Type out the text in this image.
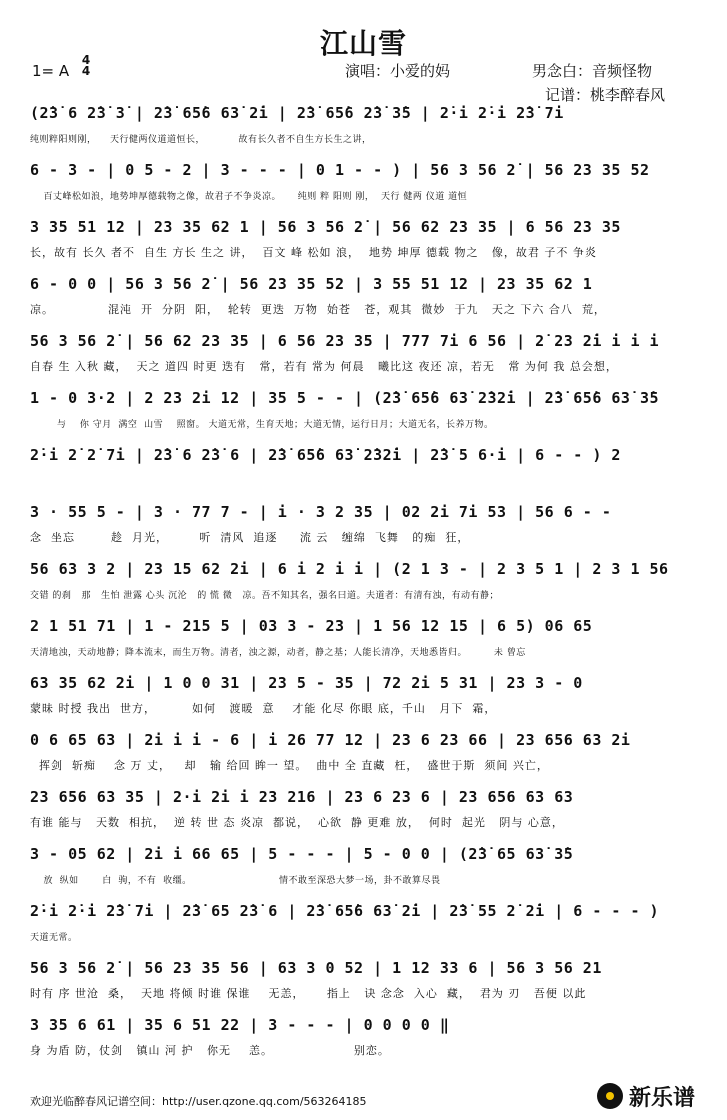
江山雪
1= A
4
4	演唱：小爱的妈	男念白：音频怪物
记谱：桃李醉春风
(2̇3̇ 6 2̇3̇ 3̇ | 2̇3̇ 65̇6 63̇ 2̇i | 2̇3̇ 65̇6 2̇3̇ 3̇5 | 2̇·i 2̇·i 2̇3̇ 7i
纯则粹阳则刚，    天行健两仪道道恒长，          故有长久者不自生方长生之讲，
6 - 3 - | 0 5 - 2 | 3 - - - | 0 1 - - ) | 56 3 56 2̇ | 56 23 35 52
百丈峰松如浪，地势坤厚德载物之像，故君子不争炎凉。     纯则 粹 阳则 刚，  天行 健两 仪道 道恒
3 35 51 12 | 23 35 62 1 | 56 3 56 2̇ | 56 62 23 35 | 6 56 23 35
长，故有 长久 者不  自生 方长 生之 讲，  百文 峰 松如 浪，  地势 坤厚 德载 物之   像，故君 子不 争炎
6 - 0 0 | 56 3 56 2̇ | 56 23 35 52 | 3 55 51 12 | 23 35 62 1
凉。            混沌  开  分阴  阳，  轮转  更迭  万物  始苍   苍，观其  微妙  于九   天之 下六 合八  荒，
56 3 56 2̇ | 56 62 23 35 | 6 56 23 35 | 777 7i 6 56 | 2̇ 23 2̇i i i i
自春 生 入秋 藏，  天之 道四 时更 迭有   常，若有 常为 何晨   曦比这 夜还 凉，若无   常 为何 我 总会想，
1 - 0 3·2 | 2 23 2i 12 | 35 5 - - | (2̇3̇ 65̇6 63̇ 2̇32̇i | 2̇3̇ 65̇6 63̇ 3̇5
与    你 守月  满空  山雪    照窗。 大道无常，生育天地；大道无情，运行日月；大道无名，长养万物。
2̇·i 2̇ 2̇ 7i | 2̇3̇ 6 2̇3̇ 6 | 2̇3̇ 65̇6 63̇ 2̇32̇i | 2̇3̇ 5 6·i | 6 - - ) 2
3 · 55 5 - | 3 · 77 7 - | i · 3 2 35 | 02 2i 7i 53 | 56 6 - -
念  坐忘        趁  月光，       听  清风  追逐     流 云   缠绵  飞舞   的痴  狂，
56 63 3 2 | 23 15 62 2i | 6 i 2 i i | (2 1 3 - | 2 3 5 1 | 2 3 1 56
交错 的刹   那   生怕 泄露 心头 沉沦   的 慌 微   凉。吾不知其名，强名曰道。夫道者：有清有浊，有动有静；
2 1 51 71 | 1 - 215 5 | 03 3 - 23 | 1 56 12 15 | 6 5) 06 65
天清地浊，天动地静；降本流末，而生万物。清者，浊之源，动者，静之基；人能长清净，天地悉皆归。        未 曾忘
63 35 62 2i | 1 0 0 31 | 23 5 - 35 | 72 2i 5 31 | 23 3 - 0
蒙昧 时授 我出  世方，        如何   渡暖  意    才能 化尽 你眼 底，千山   月下  霜，
0 6 65 63 | 2i i i - 6 | i 26 77 12 | 23 6 23 66 | 23 656 63 2i
挥剑  斩痴    念 万 丈，   却   输 给回 眸一 望。  曲中 全 直藏  枉，  盛世于斯  须间 兴亡，
23 656 63 35 | 2·i 2i i 23 216 | 23 6 23 6 | 23 656 63 63
有谁 能与   天数  相抗，  逆 转 世 态 炎凉  都说，  心欲  静 更难 放，  何时  起光   阴与 心意，
3 - 05 62 | 2i i 66 65 | 5 - - - | 5 - 0 0 | (2̇3̇ 65 63̇ 3̇5
放  纵如       白  驹，不有  收缰。                          情不敢至深恐大梦一场，卦不敢算尽畏
2̇·i 2̇·i 2̇3̇ 7i | 2̇3̇ 65 2̇3̇ 6 | 2̇3̇ 65̇6 63̇ 2̇i | 2̇3̇ 55 2̇ 2̇i | 6 - - - )
天道无常。
56 3 56 2̇ | 56 23 35 56 | 63 3 0 52 | 1 12 33 6 | 56 3 56 21
时有 序 世沧  桑，  天地 将倾 时谁 保谁    无恙，     指上   诀 念念  入心  藏，  君为 刃   吾便 以此
3 35 6 61 | 35 6 51 22 | 3 - - - | 0 0 0 0 ‖
身 为盾 防，仗剑   镇山 河 护   你无    恙。                  别恋。
欢迎光临醉春风记谱空间：http://user.qzone.qq.com/563264185	新乐谱
